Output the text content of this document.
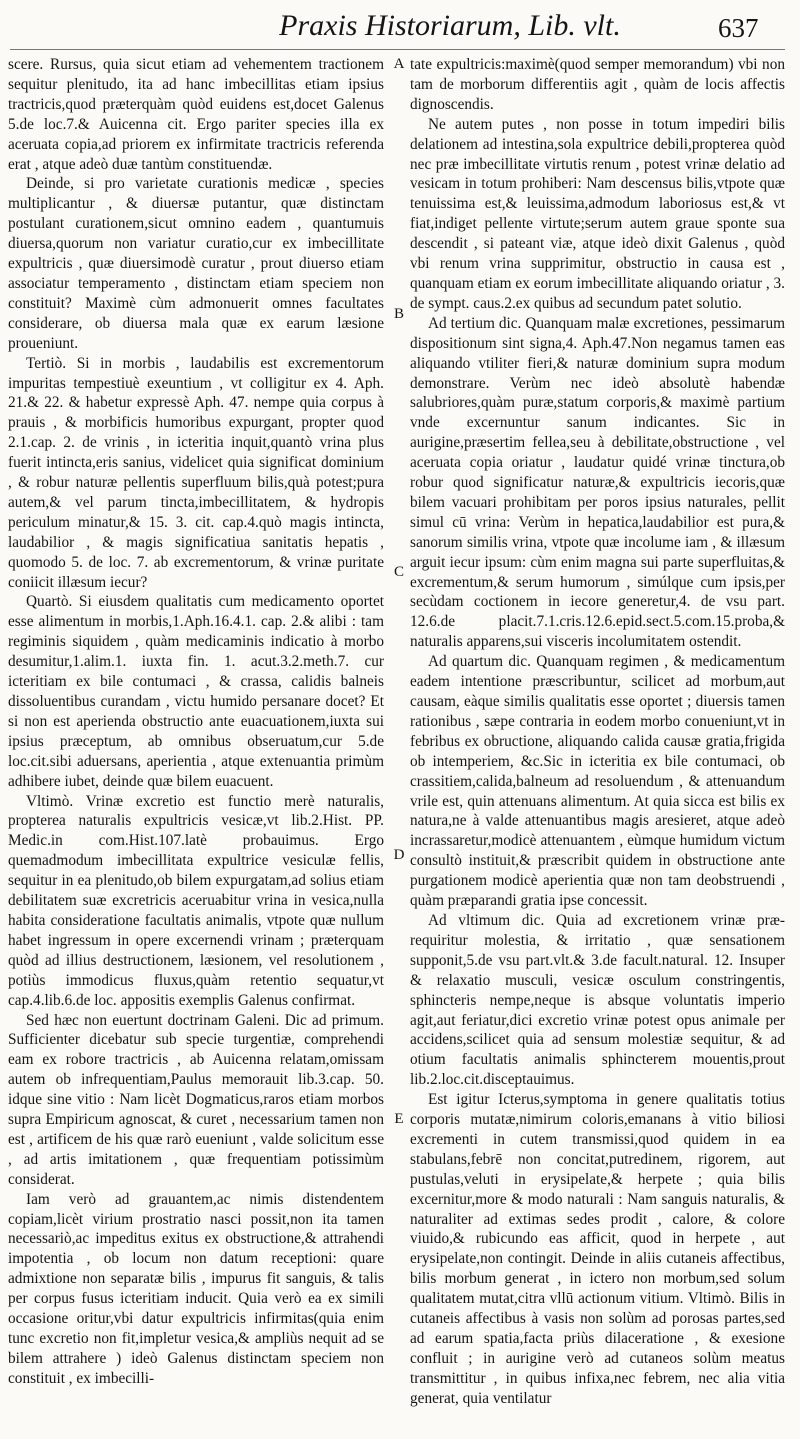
Praxis Historiarum, Lib. vlt.	637

scere. Rursus, quia sicut etiam ad vehementem tractionem sequitur plenitudo, ita ad hanc imbecillitas etiam ipsius tractricis,quod præterquàm quòd euidens est,docet Galenus 5.de loc.7.& Auicenna cit. Ergo pariter species illa ex aceruata copia,ad priorem ex infirmitate tractricis referenda erat , atque adeò duæ tantùm constituendæ.

Deinde, si pro varietate curationis medicæ , species multiplicantur , & diuersæ putantur, quæ distinctam postulant curationem,sicut omnino eadem , quantumuis diuersa,quorum non variatur curatio,cur ex imbecillitate expultricis , quæ diuersimodè curatur , prout diuerso etiam associatur temperamento , distinctam etiam speciem non constituit? Maximè cùm admonuerit omnes facultates considerare, ob diuersa mala quæ ex earum læsione proueniunt.

Tertiò. Si in morbis , laudabilis est excrementorum impuritas tempestiuè exeuntium , vt colligitur ex 4. Aph. 21.& 22. & habetur expressè Aph. 47. nempe quia corpus à prauis , & morbificis humoribus expurgant, propter quod 2.1.cap. 2. de vrinis , in icteritia inquit,quantò vrina plus fuerit intincta,eris sanius, videlicet quia significat dominium , & robur naturæ pellentis superfluum bilis,quà potest;pura autem,& vel parum tincta,imbecillitatem, & hydropis periculum minatur,& 15. 3. cit. cap.4.quò magis intincta, laudabilior , & magis significatiua sanitatis hepatis , quomodo 5. de loc. 7. ab excrementorum, & vrinæ puritate coniicit illæsum iecur?

Quartò. Si eiusdem qualitatis cum medicamento oportet esse alimentum in morbis,1.Aph.16.4.1. cap. 2.& alibi : tam regiminis siquidem , quàm medicaminis indicatio à morbo desumitur,1.alim.1. iuxta fin. 1. acut.3.2.meth.7. cur icteritiam ex bile contumaci , & crassa, calidis balneis dissoluentibus curandam , victu humido persanare docet? Et si non est aperienda obstructio ante euacuationem,iuxta sui ipsius præceptum, ab omnibus obseruatum,cur 5.de loc.cit.sibi aduersans, aperientia , atque extenuantia primùm adhibere iubet, deinde quæ bilem euacuent.

Vltimò. Vrinæ excretio est functio merè naturalis, propterea naturalis expultricis vesicæ,vt lib.2.Hist. PP. Medic.in com.Hist.107.latè probauimus. Ergo quemadmodum imbecillitata expultrice vesiculæ fellis, sequitur in ea plenitudo,ob bilem expurgatam,ad solius etiam debilitatem suæ excretricis aceruabitur vrina in vesica,nulla habita consideratione facultatis animalis, vtpote quæ nullum habet ingressum in opere excernendi vrinam ; præterquam quòd ad illius destructionem, læsionem, vel resolutionem , potiùs immodicus fluxus,quàm retentio sequatur,vt cap.4.lib.6.de loc. appositis exemplis Galenus confirmat.

Sed hæc non euertunt doctrinam Galeni. Dic ad primum. Sufficienter dicebatur sub specie turgentiæ, comprehendi eam ex robore tractricis , ab Auicenna relatam,omissam autem ob infrequentiam,Paulus memorauit lib.3.cap. 50. idque sine vitio : Nam licèt Dogmaticus,raros etiam morbos supra Empiricum agnoscat, & curet , necessarium tamen non est , artificem de his quæ rarò eueniunt , valde solicitum esse , ad artis imitationem , quæ frequentiam potissimùm considerat.

Iam verò ad grauantem,ac nimis distendentem copiam,licèt virium prostratio nasci possit,non ita tamen necessariò,ac impeditus exitus ex obstructione,& attrahendi impotentia , ob locum non datum receptioni: quare admixtione non separatæ bilis , impurus fit sanguis, & talis per corpus fusus icteritiam inducit. Quia verò ea ex simili occasione oritur,vbi datur expultricis infirmitas(quia enim tunc excretio non fit,impletur vesica,& ampliùs nequit ad se bilem attrahere ) ideò Galenus distinctam speciem non constituit , ex imbecilli-

A
B
C
D
E

tate expultricis:maximè(quod semper memorandum) vbi non tam de morborum differentiis agit , quàm de locis affectis dignoscendis.

Ne autem putes , non posse in totum impediri bilis delationem ad intestina,sola expultrice debili,propterea quòd nec præ imbecillitate virtutis renum , potest vrinæ delatio ad vesicam in totum prohiberi: Nam descensus bilis,vtpote quæ tenuissima est,& leuissima,admodum laboriosus est,& vt fiat,indiget pellente virtute;serum autem graue sponte sua descendit , si pateant viæ, atque ideò dixit Galenus , quòd vbi renum vrina supprimitur, obstructio in causa est , quanquam etiam ex eorum imbecillitate aliquando oriatur , 3. de sympt. caus.2.ex quibus ad secundum patet solutio.

Ad tertium dic. Quanquam malæ excretiones, pessimarum dispositionum sint signa,4. Aph.47.Non negamus tamen eas aliquando vtiliter fieri,& naturæ dominium supra modum demonstrare. Verùm nec ideò absolutè habendæ salubriores,quàm puræ,statum corporis,& maximè partium vnde excernuntur sanum indicantes. Sic in aurigine,præsertim fellea,seu à debilitate,obstructione , vel aceruata copia oriatur , laudatur quidé vrinæ tinctura,ob robur quod significatur naturæ,& expultricis iecoris,quæ bilem vacuari prohibitam per poros ipsius naturales, pellit simul cū vrina: Verùm in hepatica,laudabilior est pura,& sanorum similis vrina, vtpote quæ incolume iam , & illæsum arguit iecur ipsum: cùm enim magna sui parte superfluitas,& excrementum,& serum humorum , simúlque cum ipsis,per secùdam coctionem in iecore generetur,4. de vsu part. 12.6.de placit.7.1.cris.12.6.epid.sect.5.com.15.proba,& naturalis apparens,sui visceris incolumitatem ostendit.

Ad quartum dic. Quanquam regimen , & medicamentum eadem intentione præscribuntur, scilicet ad morbum,aut causam, eàque similis qualitatis esse oportet ; diuersis tamen rationibus , sæpe contraria in eodem morbo conueniunt,vt in febribus ex obructione, aliquando calida causæ gratia,frigida ob intemperiem, &c.Sic in icteritia ex bile contumaci, ob crassitiem,calida,balneum ad resoluendum , & attenuandum vrile est, quin attenuans alimentum. At quia sicca est bilis ex natura,ne à valde attenuantibus magis aresieret, atque adeò incrassaretur,modicè attenuantem , eùmque humidum victum consultò instituit,& præscribit quidem in obstructione ante purgationem modicè aperientia quæ non tam deobstruendi , quàm præparandi gratia ipse concessit.

Ad vltimum dic. Quia ad excretionem vrinæ præ-requiritur molestia, & irritatio , quæ sensationem supponit,5.de vsu part.vlt.& 3.de facult.natural. 12. Insuper & relaxatio musculi, vesicæ osculum constringentis, sphincteris nempe,neque is absque voluntatis imperio agit,aut feriatur,dici excretio vrinæ potest opus animale per accidens,scilicet quia ad sensum molestiæ sequitur, & ad otium facultatis animalis sphincterem mouentis,prout lib.2.loc.cit.disceptauimus.

Est igitur Icterus,symptoma in genere qualitatis totius corporis mutatæ,nimirum coloris,emanans à vitio biliosi excrementi in cutem transmissi,quod quidem in ea stabulans,febrē non concitat,putredinem, rigorem, aut pustulas,veluti in erysipelate,& herpete ; quia bilis excernitur,more & modo naturali : Nam sanguis naturalis, & naturaliter ad extimas sedes prodit , calore, & colore viuido,& rubicundo eas afficit, quod in herpete , aut erysipelate,non contingit. Deinde in aliis cutaneis affectibus, bilis morbum generat , in ictero non morbum,sed solum qualitatem mutat,citra vllū actionum vitium. Vltimò. Bilis in cutaneis affectibus à vasis non solùm ad porosas partes,sed ad earum spatia,facta priùs dilaceratione , & exesione confluit ; in aurigine verò ad cutaneos solùm meatus transmittitur , in quibus infixa,nec febrem, nec alia vitia generat, quia ventilatur
